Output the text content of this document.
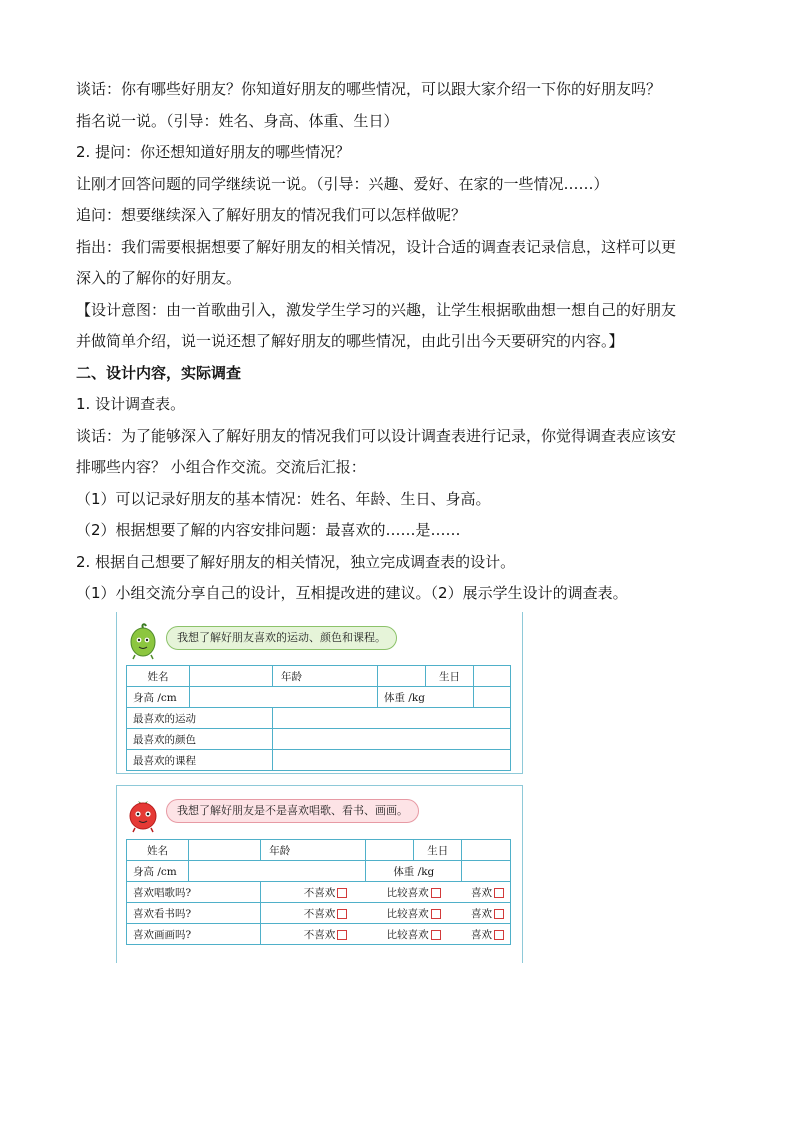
谈话：你有哪些好朋友？你知道好朋友的哪些情况，可以跟大家介绍一下你的好朋友吗？
指名说一说。（引导：姓名、身高、体重、生日）
2. 提问：你还想知道好朋友的哪些情况？
让刚才回答问题的同学继续说一说。（引导：兴趣、爱好、在家的一些情况……）
追问：想要继续深入了解好朋友的情况我们可以怎样做呢？
指出：我们需要根据想要了解好朋友的相关情况，设计合适的调查表记录信息，这样可以更
深入的了解你的好朋友。
【设计意图：由一首歌曲引入，激发学生学习的兴趣，让学生根据歌曲想一想自己的好朋友
并做简单介绍，说一说还想了解好朋友的哪些情况，由此引出今天要研究的内容。】
二、设计内容，实际调查
1. 设计调查表。
谈话：为了能够深入了解好朋友的情况我们可以设计调查表进行记录，你觉得调查表应该安
排哪些内容？ 小组合作交流。交流后汇报：
（1）可以记录好朋友的基本情况：姓名、年龄、生日、身高。
（2）根据想要了解的内容安排问题：最喜欢的……是……
2. 根据自己想要了解好朋友的相关情况，独立完成调查表的设计。
（1）小组交流分享自己的设计，互相提改进的建议。（2）展示学生设计的调查表。
我想了解好朋友喜欢的运动、颜色和课程。
姓名		年龄			生日	
身高 /cm				体重 /kg		
最喜欢的运动						
最喜欢的颜色						
最喜欢的课程						
我想了解好朋友是不是喜欢唱歌、看书、画画。
姓名		年龄			生日	
身高 /cm				体重 /kg		
喜欢唱歌吗?		不喜欢 比较喜欢 喜欢				
喜欢看书吗?		不喜欢 比较喜欢 喜欢				
喜欢画画吗?		不喜欢 比较喜欢 喜欢				
